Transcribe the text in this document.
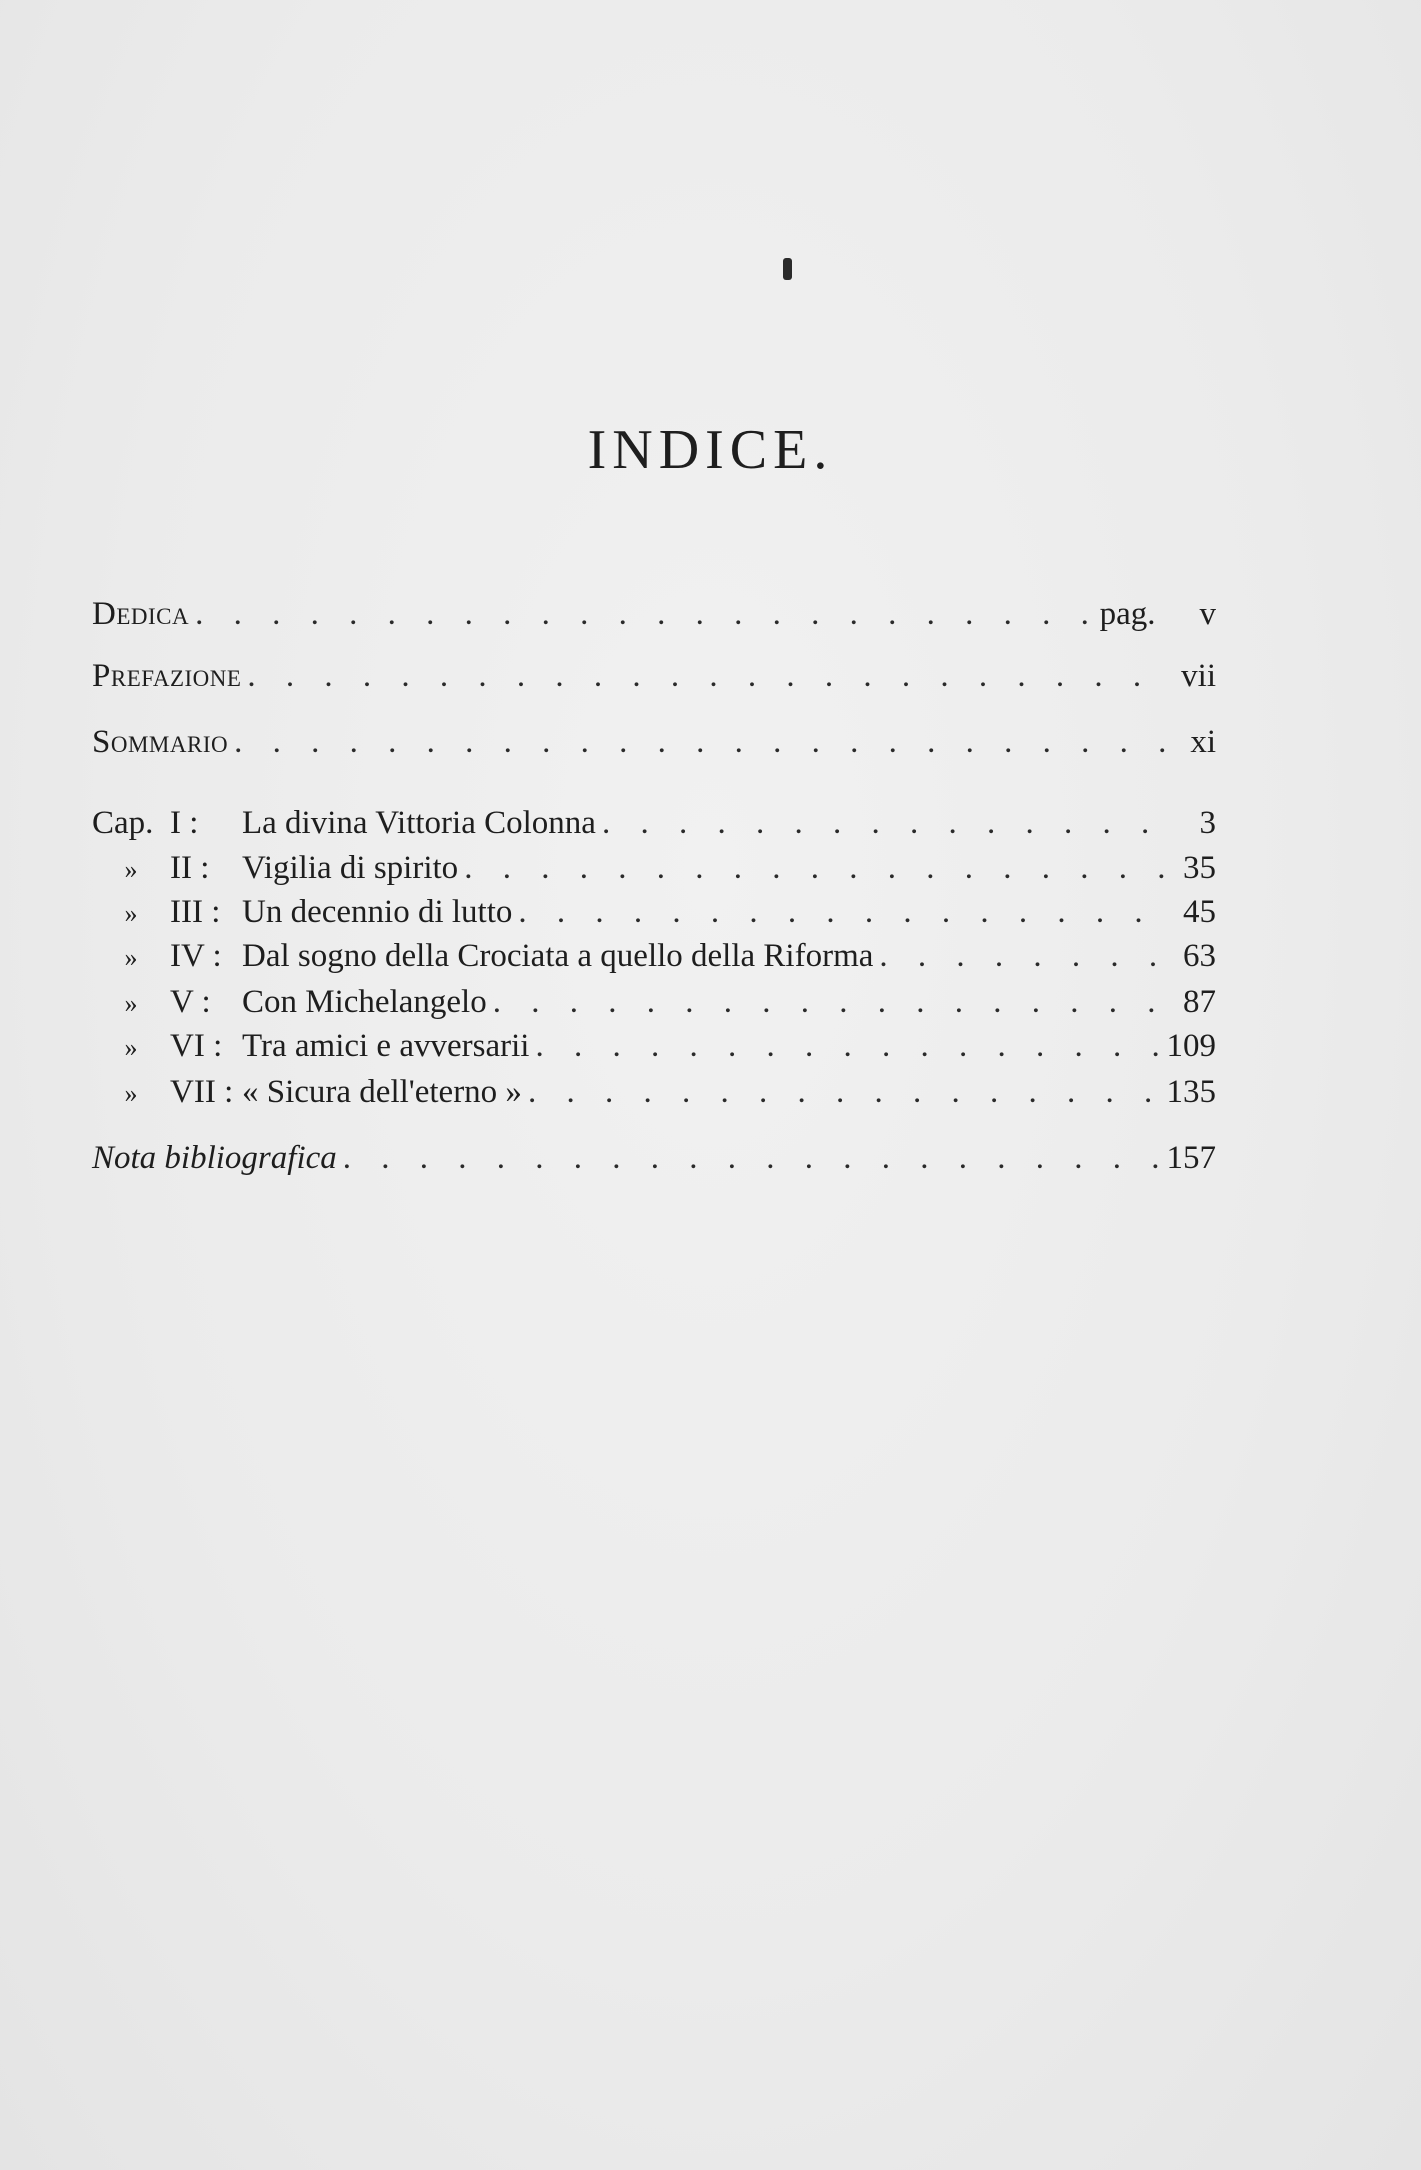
INDICE.
Dedica . . .	pag. v
Prefazione . . .	vii
Sommario . . .	xi
Cap. I :La divina Vittoria Colonna . . .	3
» II :Vigilia di spirito . . .	35
» III :Un decennio di lutto . . .	45
» IV :Dal sogno della Crociata a quello della Riforma . . .	63
» V :Con Michelangelo . . .	87
» VI :Tra amici e avversarii . . .	109
» VII :« Sicura dell'eterno » . . .	135
Nota bibliografica . . .	157
